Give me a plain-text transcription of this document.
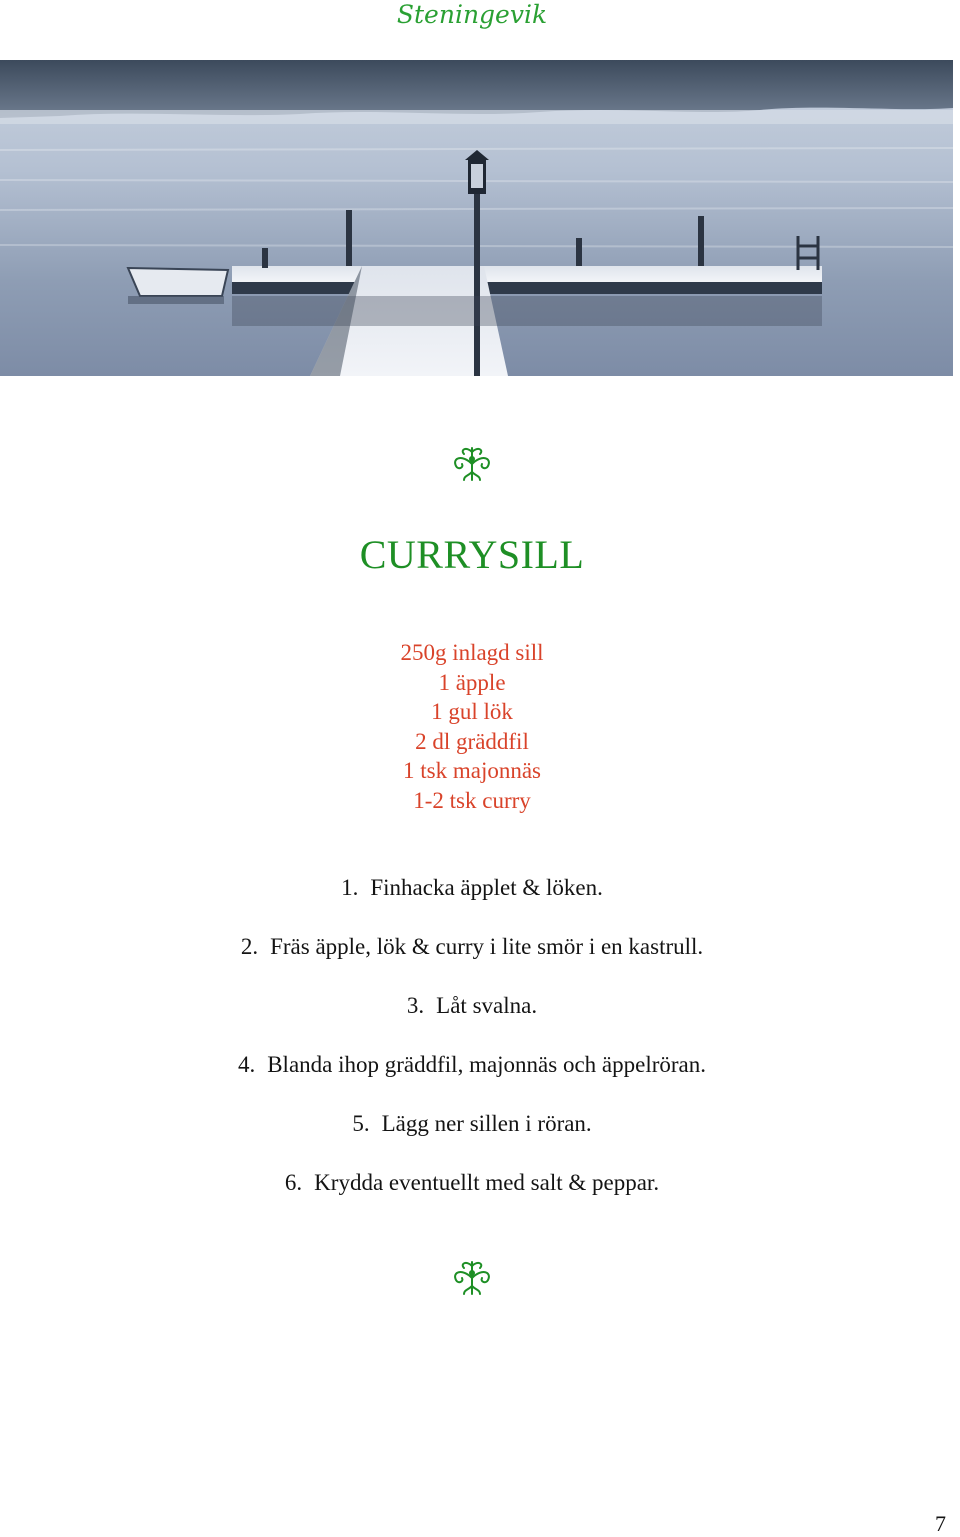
Steningevik
CURRYSILL
250g inlagd sill
1 äpple
1 gul lök
2 dl gräddfil
1 tsk majonnäs
1-2 tsk curry
1. Finhacka äpplet & löken.
2. Fräs äpple, lök & curry i lite smör i en kastrull.
3. Låt svalna.
4. Blanda ihop gräddfil, majonnäs och äppelröran.
5. Lägg ner sillen i röran.
6. Krydda eventuellt med salt & peppar.
7
